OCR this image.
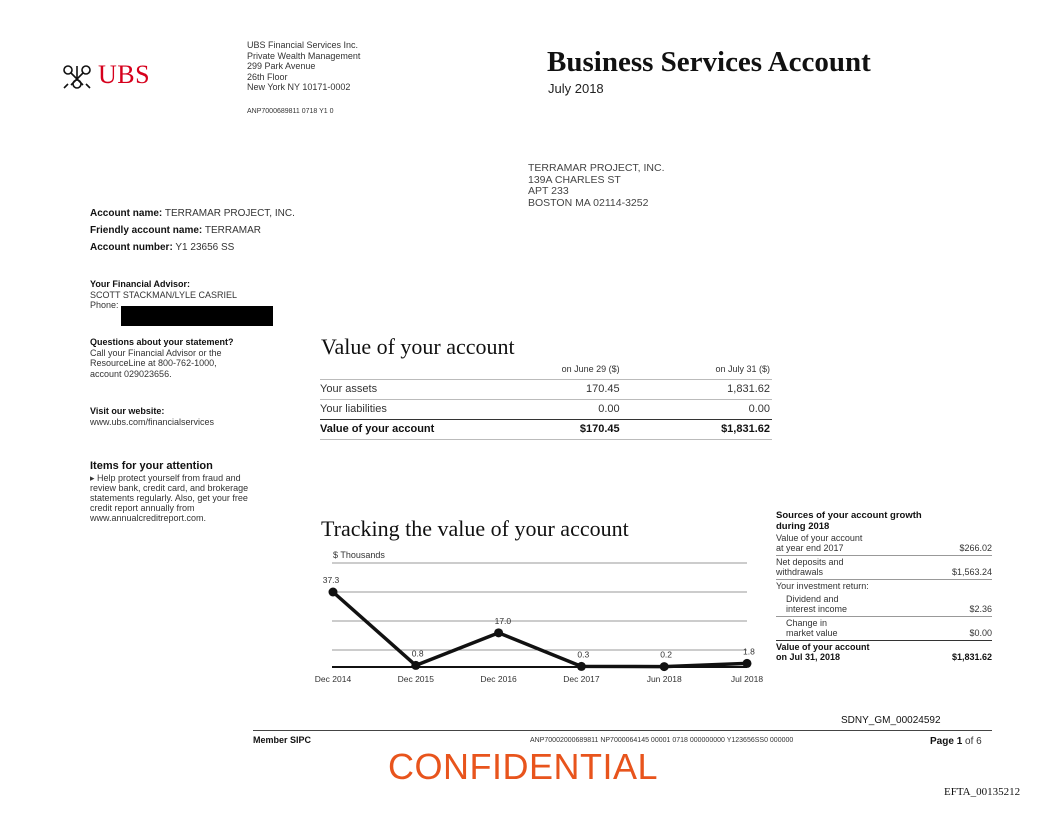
UBS
UBS Financial Services Inc.
Private Wealth Management
299 Park Avenue
26th Floor
New York NY 10171-0002
ANP7000689811 0718 Y1 0
Business Services Account
July 2018
TERRAMAR PROJECT, INC.
139A CHARLES ST
APT 233
BOSTON MA 02114-3252
Account name: TERRAMAR PROJECT, INC.
Friendly account name: TERRAMAR
Account number: Y1 23656 SS
Your Financial Advisor:
SCOTT STACKMAN/LYLE CASRIEL
Phone:
Questions about your statement?
Call your Financial Advisor or the
ResourceLine at 800-762-1000,
account 029023656.
Visit our website:
www.ubs.com/financialservices
Items for your attention
▸ Help protect yourself from fraud and
review bank, credit card, and brokerage
statements regularly. Also, get your free
credit report annually from
www.annualcreditreport.com.
Value of your account
	on June 29 ($)	on July 31 ($)
Your assets	170.45	1,831.62
Your liabilities	0.00	0.00
Value of your account	$170.45	$1,831.62
Tracking the value of your account
$ Thousands
37.3
Dec 2014
0.8
Dec 2015
17.0
Dec 2016
0.3
Dec 2017
0.2
Jun 2018
1.8
Jul 2018
Sources of your account growth
during 2018
Value of your account
at year end 2017	$266.02
Net deposits and
withdrawals	$1,563.24
Your investment return:
Dividend and
interest income	$2.36
Change in
market value	$0.00
Value of your account
on Jul 31, 2018	$1,831.62
SDNY_GM_00024592
Member SIPC	ANP70002000689811 NP7000064145 00001 0718 000000000 Y123656SS0 000000	Page 1 of 6
CONFIDENTIAL
EFTA_00135212
